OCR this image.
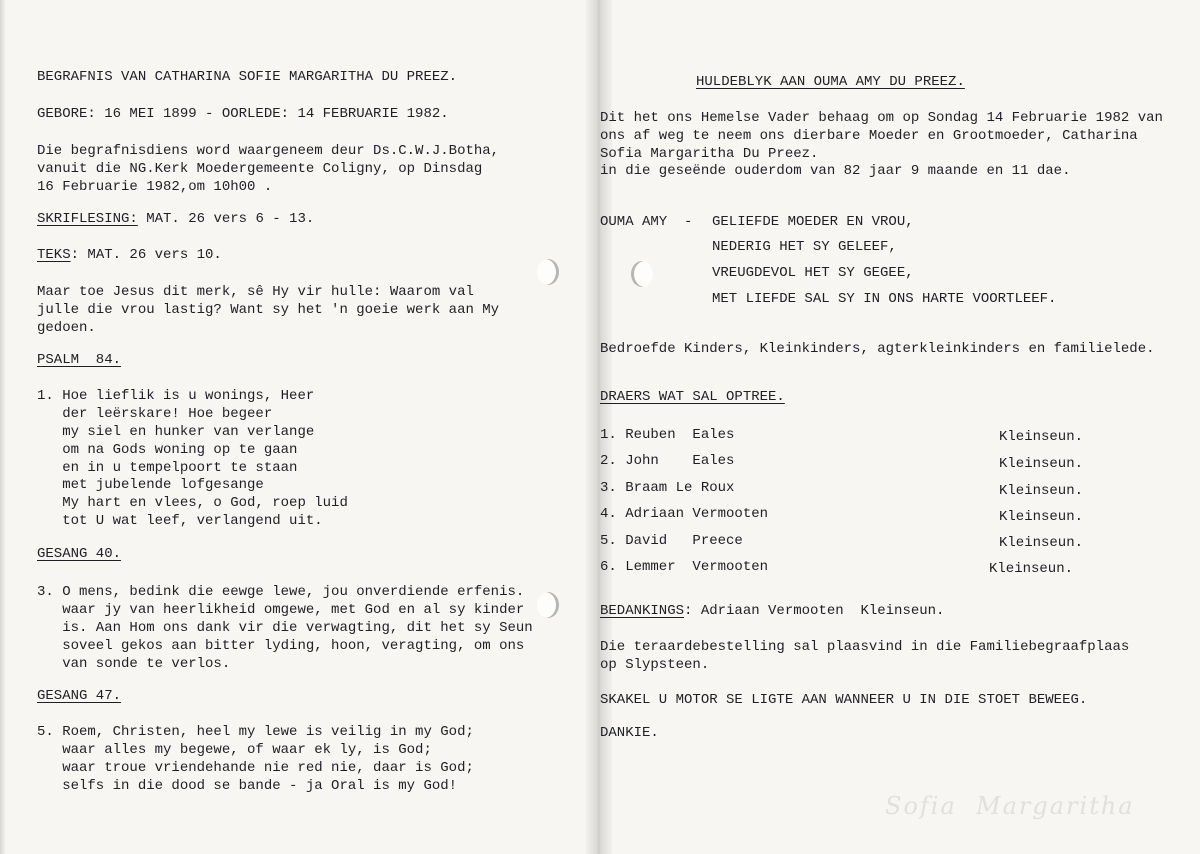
BEGRAFNIS VAN CATHARINA SOFIE MARGARITHA DU PREEZ.
GEBORE: 16 MEI 1899 - OORLEDE: 14 FEBRUARIE 1982.
Die begrafnisdiens word waargeneem deur Ds.C.W.J.Botha,
vanuit die NG.Kerk Moedergemeente Coligny, op Dinsdag
16 Februarie 1982,om 10h00 .
SKRIFLESING: MAT. 26 vers 6 - 13.
TEKS: MAT. 26 vers 10.
Maar toe Jesus dit merk, sê Hy vir hulle: Waarom val
julle die vrou lastig? Want sy het 'n goeie werk aan My
gedoen.
PSALM  84.
1. Hoe lieflik is u wonings, Heer
der leërskare! Hoe begeer
my siel en hunker van verlange
om na Gods woning op te gaan
en in u tempelpoort te staan
met jubelende lofgesange
My hart en vlees, o God, roep luid
tot U wat leef, verlangend uit.
GESANG 40.
3. O mens, bedink die eewge lewe, jou onverdiende erfenis.
waar jy van heerlikheid omgewe, met God en al sy kinder
is. Aan Hom ons dank vir die verwagting, dit het sy Seun
soveel gekos aan bitter lyding, hoon, veragting, om ons
van sonde te verlos.
GESANG 47.
5. Roem, Christen, heel my lewe is veilig in my God;
waar alles my begewe, of waar ek ly, is God;
waar troue vriendehande nie red nie, daar is God;
selfs in die dood se bande - ja Oral is my God!
HULDEBLYK AAN OUMA AMY DU PREEZ.
Dit het ons Hemelse Vader behaag om op Sondag 14 Februarie 1982 van
ons af weg te neem ons dierbare Moeder en Grootmoeder, Catharina
Sofia Margaritha Du Preez.
in die geseënde ouderdom van 82 jaar 9 maande en 11 dae.
OUMA AMY  - GELIEFDE MOEDER EN VROU,
NEDERIG HET SY GELEEF,
VREUGDEVOL HET SY GEGEE,
MET LIEFDE SAL SY IN ONS HARTE VOORTLEEF.
Bedroefde Kinders, Kleinkinders, agterkleinkinders en familielede.
DRAERS WAT SAL OPTREE.
1. Reuben  Eales	Kleinseun.
2. John    Eales	Kleinseun.
3. Braam Le Roux	Kleinseun.
4. Adriaan Vermooten	Kleinseun.
5. David   Preece	Kleinseun.
6. Lemmer  Vermooten	Kleinseun.
BEDANKINGS: Adriaan Vermooten  Kleinseun.
Die teraardebestelling sal plaasvind in die Familiebegraafplaas
op Slypsteen.
SKAKEL U MOTOR SE LIGTE AAN WANNEER U IN DIE STOET BEWEEG.
DANKIE.
Sofia  Margaritha
